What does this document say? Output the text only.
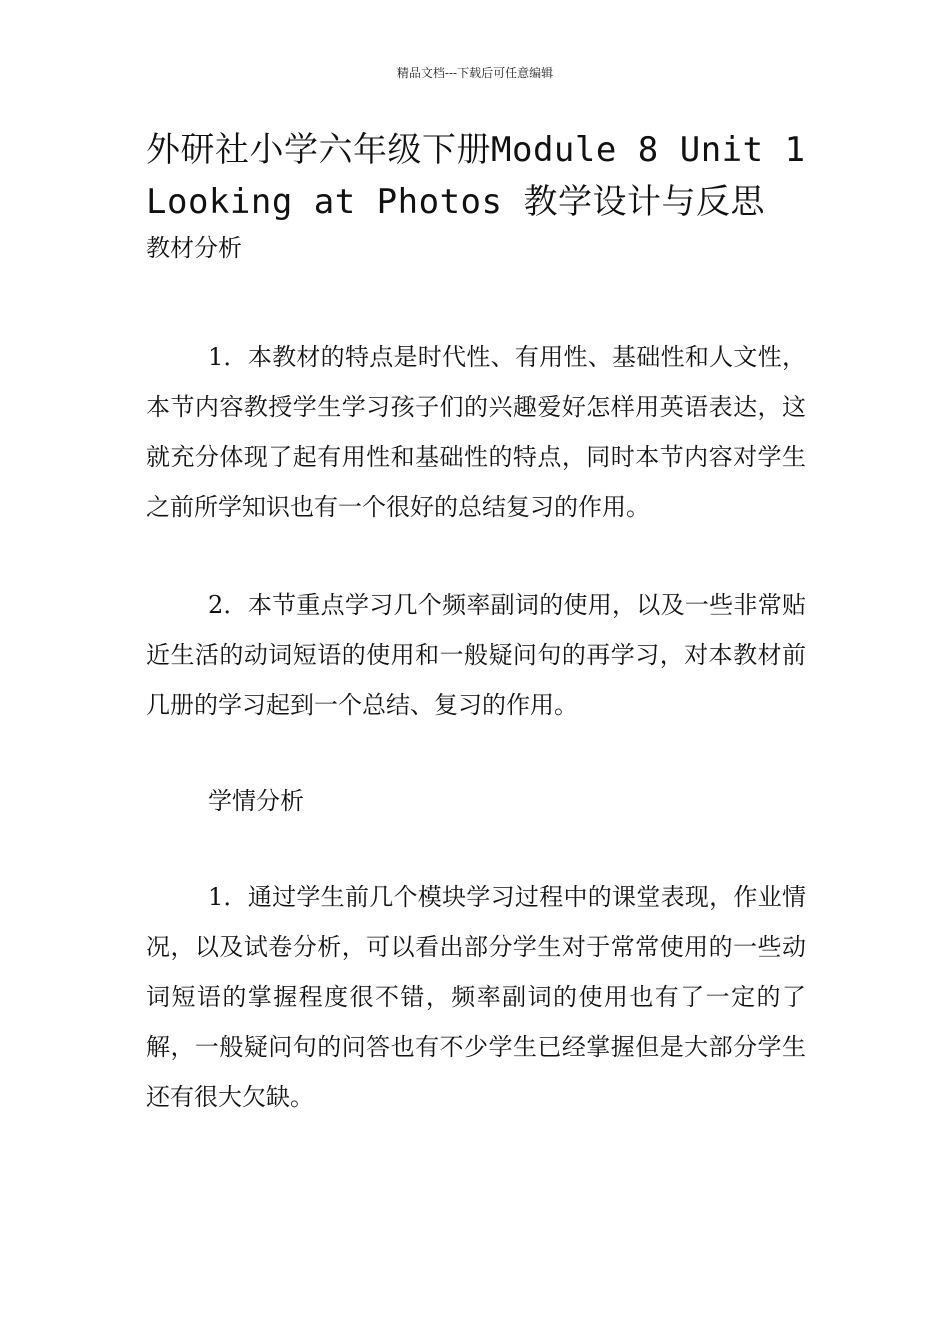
精品文档---下载后可任意编辑
外研社小学六年级下册Module 8 Unit 1 Looking at Photos 教学设计与反思
教材分析

1．本教材的特点是时代性、有用性、基础性和人文性，本节内容教授学生学习孩子们的兴趣爱好怎样用英语表达，这就充分体现了起有用性和基础性的特点，同时本节内容对学生之前所学知识也有一个很好的总结复习的作用。

2．本节重点学习几个频率副词的使用，以及一些非常贴近生活的动词短语的使用和一般疑问句的再学习，对本教材前几册的学习起到一个总结、复习的作用。

学情分析

1．通过学生前几个模块学习过程中的课堂表现，作业情况，以及试卷分析，可以看出部分学生对于常常使用的一些动词短语的掌握程度很不错，频率副词的使用也有了一定的了解，一般疑问句的问答也有不少学生已经掌握但是大部分学生还有很大欠缺。
